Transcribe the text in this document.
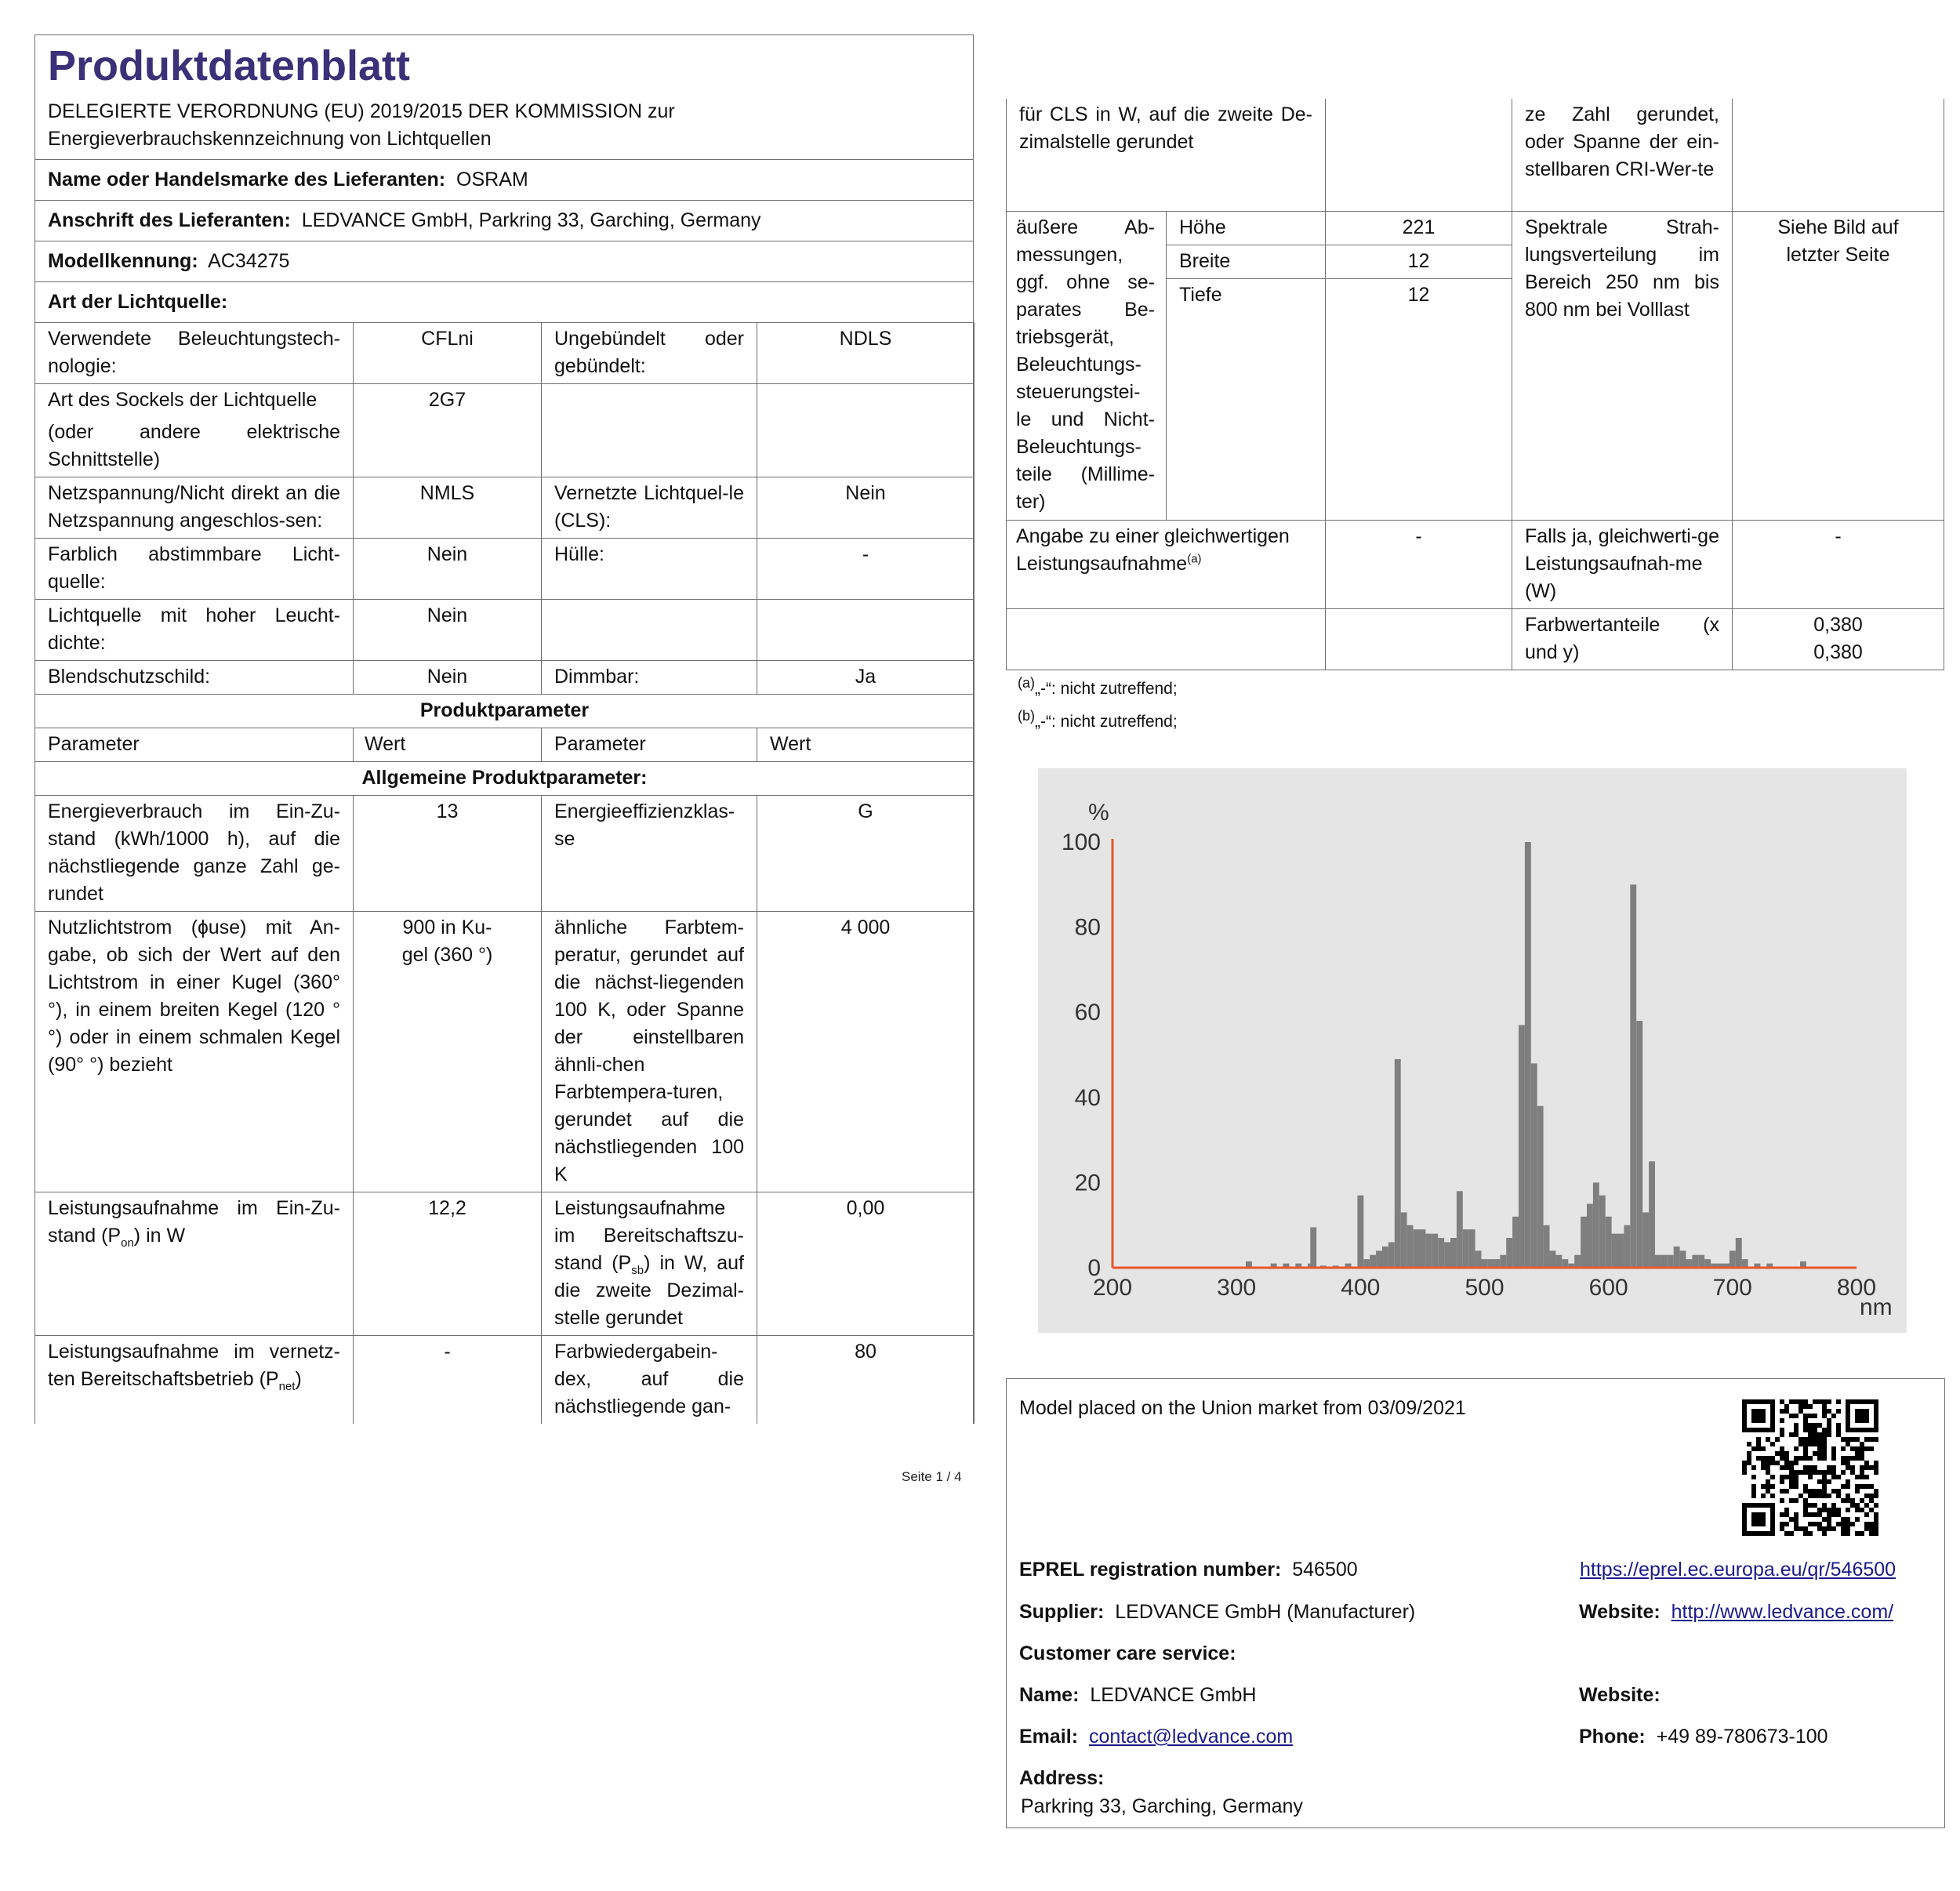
Produktdatenblatt
DELEGIERTE VERORDNUNG (EU) 2019/2015 DER KOMMISSION zur Energieverbrauchskennzeichnung von Lichtquellen
Name oder Handelsmarke des Lieferanten: OSRAM
Anschrift des Lieferanten: LEDVANCE GmbH, Parkring 33, Garching, Germany
Modellkennung: AC34275
Art der Lichtquelle:
Verwendete Beleuchtungstech-nologie:	CFLni	Ungebündelt oder gebündelt:	NDLS

Art des Sockels der Lichtquelle
(oder andere elektrische Schnittstelle)	2G7		
Netzspannung/Nicht direkt an die Netzspannung angeschlos-sen:	NMLS	Vernetzte Lichtquel-le (CLS):	Nein
Farblich abstimmbare Licht-quelle:	Nein	Hülle:	-
Lichtquelle mit hoher Leucht-dichte:	Nein		
Blendschutzschild:	Nein	Dimmbar:	Ja
Produktparameter			
Parameter	Wert	Parameter	Wert
Allgemeine Produktparameter:			
Energieverbrauch im Ein-Zu-stand (kWh/1000 h), auf die nächstliegende ganze Zahl ge-rundet	13	Energieeffizienzklas-se	G
Nutzlichtstrom (ɸuse) mit An-gabe, ob sich der Wert auf den Lichtstrom in einer Kugel (360° °), in einem breiten Kegel (120 °°) oder in einem schmalen Kegel (90° °) bezieht	900 in Ku-gel (360 °)	ähnliche Farbtem-peratur, gerundet auf die nächst-liegenden 100 K, oder Spanne der einstellbaren ähnli-chen Farbtempera-turen, gerundet auf die nächstliegenden 100 K	4 000
Leistungsaufnahme im Ein-Zu-stand $(P_{on})$ in W	12,2	Leistungsaufnahme im Bereitschaftszu-stand $(P_{sb})$ in W, auf die zweite Dezimal-stelle gerundet	0,00
Leistungsaufnahme im vernetz-ten Bereitschaftsbetrieb $(P_{net})$	-	Farbwiedergabein-dex, auf die nächstliegende gan-	80
Seite 1 / 4
für CLS in W, auf die zweite De-zimalstelle gerundet			ze Zahl gerundet, oder Spanne der ein-stellbaren CRI-Wer-te	
äußere Ab-messungen, ggf. ohne se-parates Be-triebsgerät, Beleuchtungs-steuerungstei-le und Nicht-Beleuchtungs-teile (Millime-ter)	Höhe	221	Spektrale Strah-lungsverteilung im Bereich 250 nm bis 800 nm bei Volllast	Siehe Bild auf letzter Seite
	Breite	12		
	Tiefe	12		
Angabe zu einer gleichwertigen Leistungsaufnahme$^{(a)}$		-	Falls ja, gleichwerti-ge Leistungsaufnah-me (W)	-
			Farbwertanteile (x und y)	0,380
0,380
$^{(a)}$„-“: nicht zutreffend;
$^{(b)}$„-“: nicht zutreffend;
0
20
40
60
80
100
200	300	400	500	600	700	800
%
nm
Model placed on the Union market from 03/09/2021
EPREL registration number: 546500	https://eprel.ec.europa.eu/qr/546500
Supplier: LEDVANCE GmbH (Manufacturer)	Website: http://www.ledvance.com/
Customer care service:
Name: LEDVANCE GmbH	Website:
Email: contact@ledvance.com	Phone: +49 89-780673-100
Address:
Parkring 33, Garching, Germany
